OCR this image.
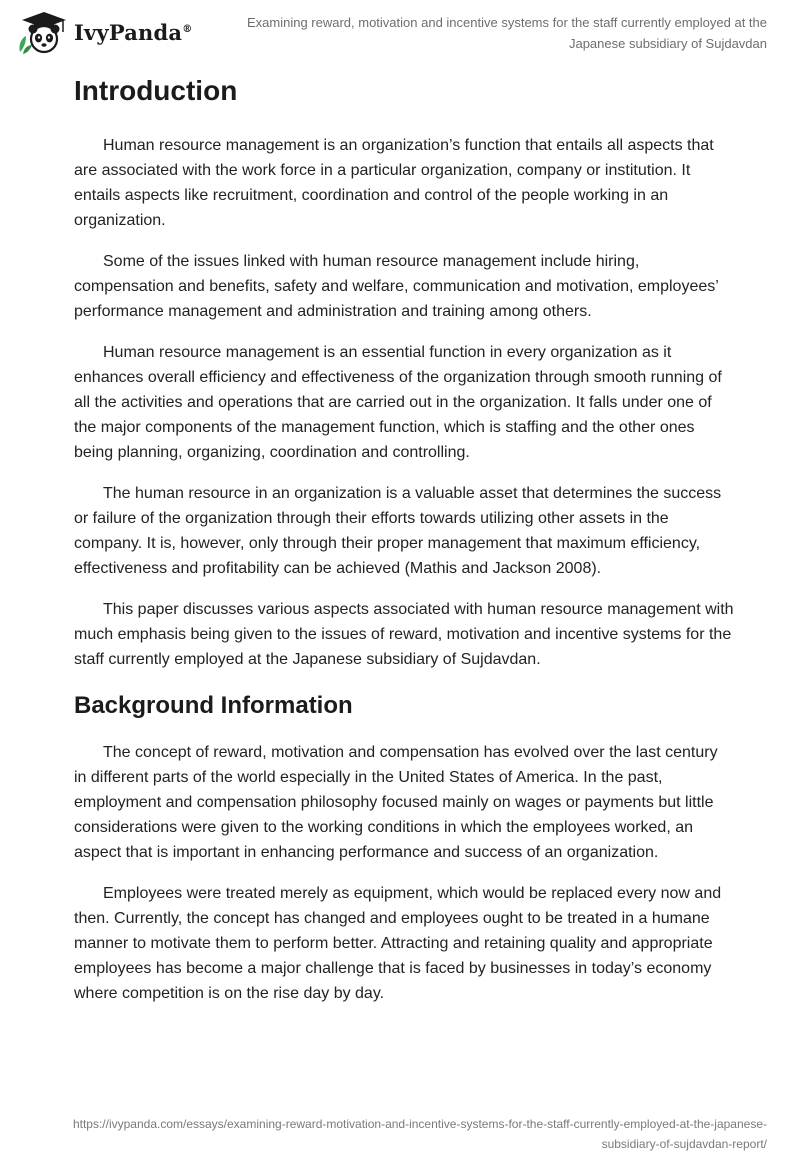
IvyPanda®	Examining reward, motivation and incentive systems for the staff currently employed at the Japanese subsidiary of Sujdavdan
Introduction

Human resource management is an organization’s function that entails all aspects that are associated with the work force in a particular organization, company or institution. It entails aspects like recruitment, coordination and control of the people working in an organization.

Some of the issues linked with human resource management include hiring, compensation and benefits, safety and welfare, communication and motivation, employees’ performance management and administration and training among others.

Human resource management is an essential function in every organization as it enhances overall efficiency and effectiveness of the organization through smooth running of all the activities and operations that are carried out in the organization. It falls under one of the major components of the management function, which is staffing and the other ones being planning, organizing, coordination and controlling.

The human resource in an organization is a valuable asset that determines the success or failure of the organization through their efforts towards utilizing other assets in the company. It is, however, only through their proper management that maximum efficiency, effectiveness and profitability can be achieved (Mathis and Jackson 2008).

This paper discusses various aspects associated with human resource management with much emphasis being given to the issues of reward, motivation and incentive systems for the staff currently employed at the Japanese subsidiary of Sujdavdan.

Background Information

The concept of reward, motivation and compensation has evolved over the last century in different parts of the world especially in the United States of America. In the past, employment and compensation philosophy focused mainly on wages or payments but little considerations were given to the working conditions in which the employees worked, an aspect that is important in enhancing performance and success of an organization.

Employees were treated merely as equipment, which would be replaced every now and then. Currently, the concept has changed and employees ought to be treated in a humane manner to motivate them to perform better. Attracting and retaining quality and appropriate employees has become a major challenge that is faced by businesses in today’s economy where competition is on the rise day by day.

https://ivypanda.com/essays/examining-reward-motivation-and-incentive-systems-for-the-staff-currently-employed-at-the-japanese-subsidiary-of-sujdavdan-report/
